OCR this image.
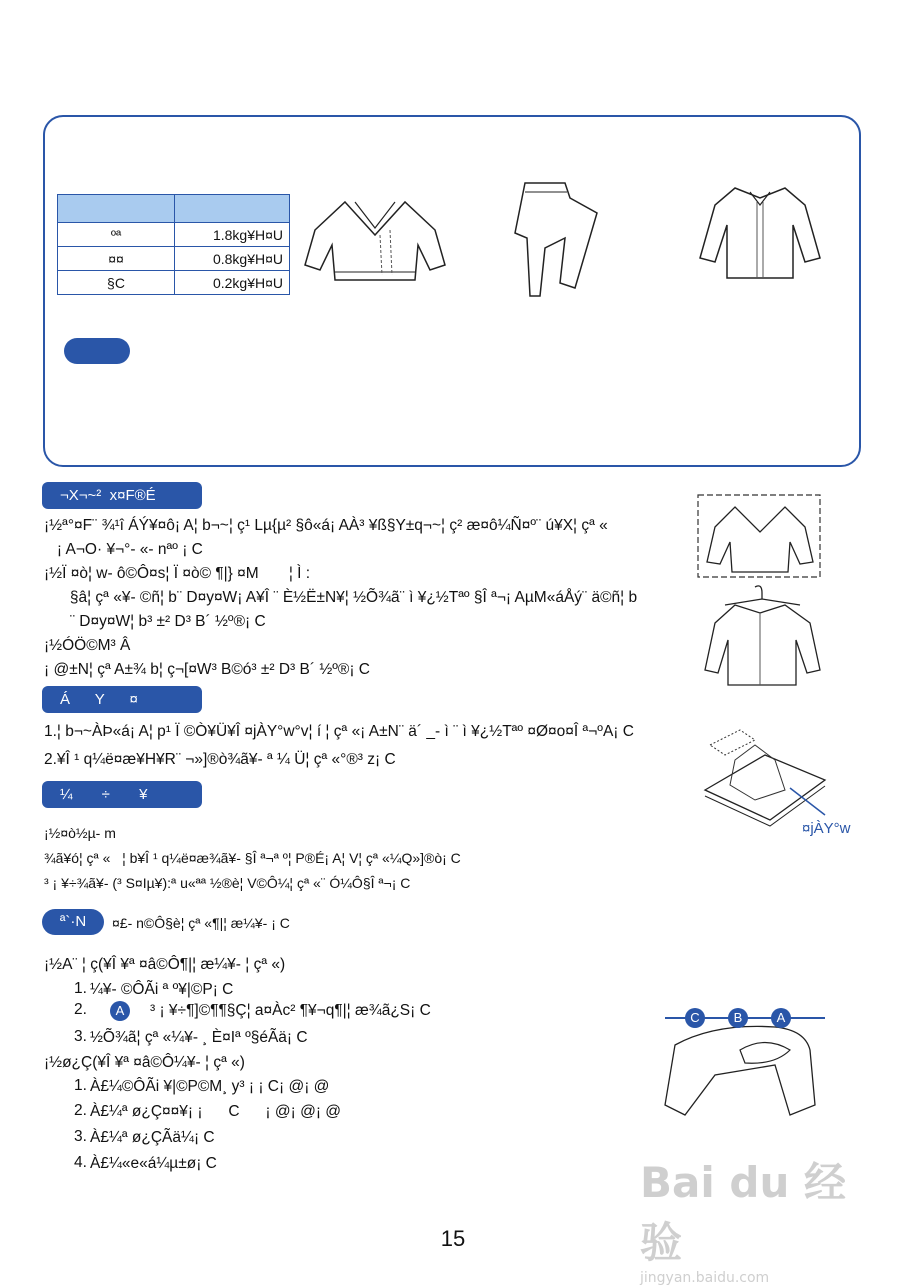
ºª	1.8kg¥H¤U
¤¤	0.8kg¥H¤U
§C	0.2kg¥H¤U
¬X¬~²  x¤F®É
¡½ª°¤F¨ ¾¹î ÁÝ¥¤ô¡ A¦ b¬~¦ ç¹ Lµ{µ² §ô«á¡ AÀ³ ¥ß§Y±q¬~¦ ç² æ¤ô¼Ñ¤º¨ ú¥X¦ çª «
¡ A¬O· ¥¬°- «- nªº ¡ C
¡½Ï ¤ò¦ w- ô©Ô¤s¦ Ï ¤ò© ¶|} ¤M       ¦ Ì :
§â¦ çª «¥- ©ñ¦ b¨ D¤y¤W¡ A¥Î ¨ È½Ë±N¥¦ ½Õ¾ã¨ ì ¥¿½Tªº §Î ª¬¡ AµM«áÅý¨ ä©ñ¦ b
¨ D¤y¤W¦ b³ ±² D³ B´ ½º®¡ C
¡½ÓÖ©M³ Â
¡ @±N¦ çª A±¾ b¦ ç¬[¤W³ B©ó³ ±² D³ B´ ½º®¡ C
Á      Y      ¤
1.¦ b¬~ÀÞ«á¡ A¦ p¹ Ï ©Ò¥Ü¥Î ¤jÀY°w°v¦ í ¦ çª «¡ A±N¨ ä´ _- ì ¨ ì ¥¿½Tªº ¤Ø¤o¤Î ª¬ºA¡ C
2.¥Î ¹ q¼ë¤æ¥H¥R¨ ¬»]®ò¾ã¥- ª ¼ Ü¦ çª «°®³ z¡ C
¤jÀY°w
¼       ÷       ¥
¡½¤ò½µ- m
¾ã¥ó¦ çª «   ¦ b¥Î ¹ q¼ë¤æ¾ã¥- §Î ª¬ª º¦ P®É¡ A¦ V¦ çª «¼Q»]®ò¡ C
³ ¡ ¥÷¾ã¥- (³ S¤Iµ¥):ª u«ªª ½®è¦ V©Ô¼¦ çª «¨ Ó¼Ô§Î ª¬¡ C
ª`·N	¤£- n©Ô§è¦ çª «¶|¦ æ¼¥- ¡ C
¡½A¨ ¦ ç(¥Î ¥ª ¤â©Ô¶|¦ æ¼¥- ¦ çª «)
1. ¼¥- ©ÔÃi ª º¥|©P¡ C
2.	A	³ ¡ ¥÷¶]©¶¶§Ç¦ a¤Àc² ¶¥¬q¶|¦ æ¾ã¿S¡ C
3. ½Õ¾ã¦ çª «¼¥- ¸ È¤Iª º§éÃä¡ C
¡½ø¿Ç(¥Î ¥ª ¤â©Ô¼¥- ¦ çª «)
1. À£¼©ÔÃi ¥|©P©M¸ y³ ¡ ¡ C¡ @¡ @
2. À£¼ª ø¿Ç¤¤¥¡ ¡      C      ¡ @¡ @¡ @
3. À£¼ª ø¿ÇÃä¼¡ C
4. À£¼«e«á¼µ±ø¡ C
C	B	A
15
Bai du 经验
jingyan.baidu.com
